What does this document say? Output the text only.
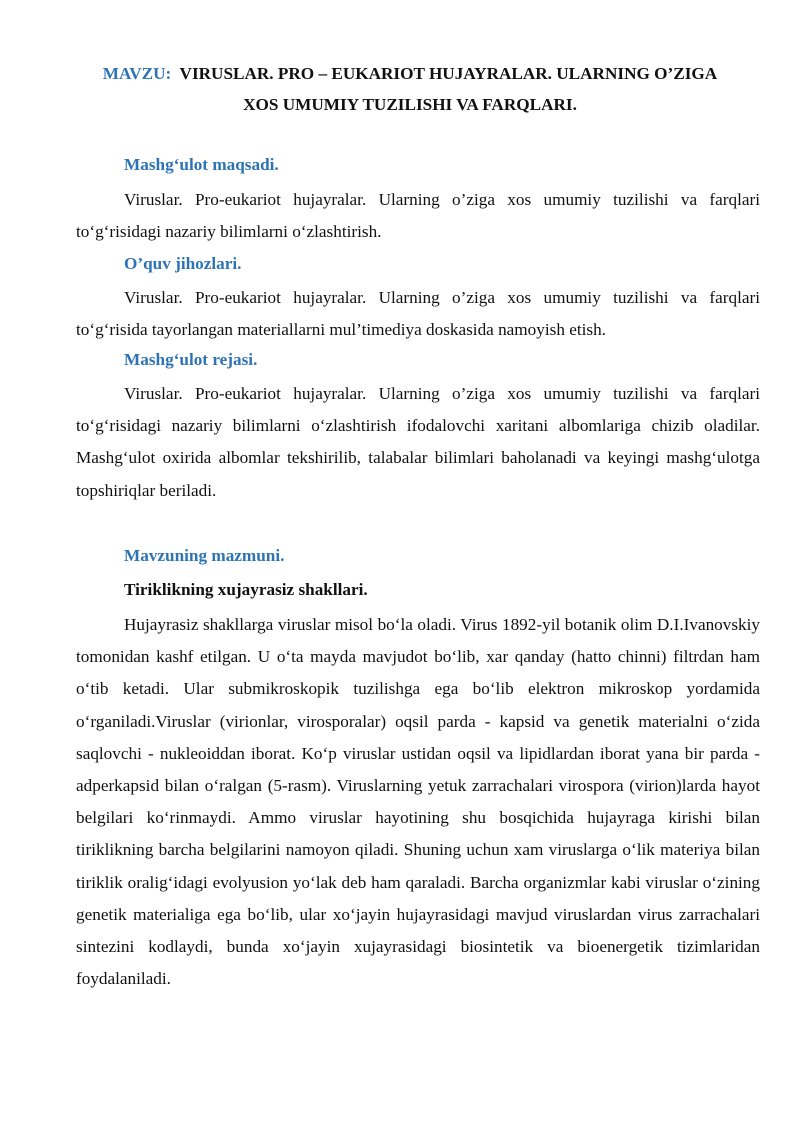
MAVZU: VIRUSLAR. PRO – EUKARIOT HUJAYRALAR. ULARNING O’ZIGA
XOS UMUMIY TUZILISHI VA FARQLARI.
Mashg‘ulot maqsadi.
Viruslar. Pro-eukariot hujayralar. Ularning o’ziga xos umumiy tuzilishi va farqlari to‘g‘risidagi nazariy bilimlarni o‘zlashtirish.
O’quv jihozlari.
Viruslar. Pro-eukariot hujayralar. Ularning o’ziga xos umumiy tuzilishi va farqlari to‘g‘risida tayorlangan materiallarni mul’timediya doskasida namoyish etish.
Mashg‘ulot rejasi.
Viruslar. Pro-eukariot hujayralar. Ularning o’ziga xos umumiy tuzilishi va farqlari to‘g‘risidagi nazariy bilimlarni o‘zlashtirish ifodalovchi xaritani albomlariga chizib oladilar. Mashg‘ulot oxirida albomlar tekshirilib, talabalar bilimlari baholanadi va keyingi mashg‘ulotga topshiriqlar beriladi.
Mavzuning mazmuni.
Tiriklikning xujayrasiz shakllari.
Hujayrasiz shakllarga viruslar misol bo‘la oladi. Virus 1892-yil botanik olim D.I.Ivanovskiy tomonidan kashf etilgan. U o‘ta mayda mavjudot bo‘lib, xar qanday (hatto chinni) filtrdan ham o‘tib ketadi. Ular submikroskopik tuzilishga ega bo‘lib elektron mikroskop yordamida o‘rganiladi.Viruslar (virionlar, virosporalar) oqsil parda - kapsid va genetik materialni o‘zida saqlovchi - nukleoiddan iborat. Ko‘p viruslar ustidan oqsil va lipidlardan iborat yana bir parda - adperkapsid bilan o‘ralgan (5-rasm). Viruslarning yetuk zarrachalari virospora (virion)larda hayot belgilari ko‘rinmaydi. Ammo viruslar hayotining shu bosqichida hujayraga kirishi bilan tiriklikning barcha belgilarini namoyon qiladi. Shuning uchun xam viruslarga o‘lik materiya bilan tiriklik oralig‘idagi evolyusion yo‘lak deb ham qaraladi. Barcha organizmlar kabi viruslar o‘zining genetik materialiga ega bo‘lib, ular xo‘jayin hujayrasidagi mavjud viruslardan virus zarrachalari sintezini kodlaydi, bunda xo‘jayin xujayrasidagi biosintetik va bioenergetik tizimlaridan foydalaniladi.
